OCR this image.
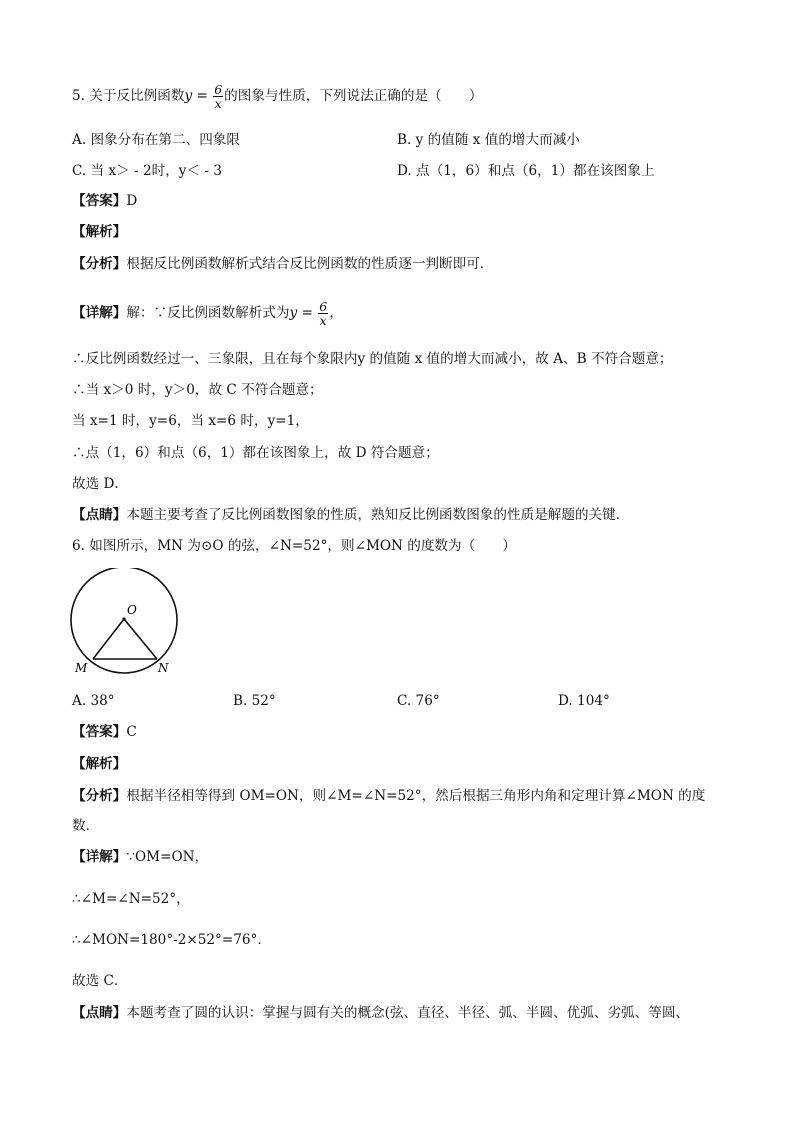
5. 关于反比例函数$y = \frac{6}{x}$ 的图象与性质，下列说法正确的是（　　）
A. 图象分布在第二、四象限	B. y 的值随 x 值的增大而减小
C. 当 x＞ - 2时，y＜ - 3	D. 点（1，6）和点（6，1）都在该图象上
【答案】D
【解析】
【分析】根据反比例函数解析式结合反比例函数的性质逐一判断即可．
【详解】解：∵反比例函数解析式为$y = \frac{6}{x}$ ，
∴反比例函数经过一、三象限，且在每个象限内y 的值随 x 值的增大而减小，故 A、B 不符合题意；
∴当 x＞0 时，y＞0，故 C 不符合题意；
当 x=1 时，y=6，当 x=6 时，y=1，
∴点（1，6）和点（6，1）都在该图象上，故 D 符合题意；
故选 D．
【点睛】本题主要考查了反比例函数图象的性质，熟知反比例函数图象的性质是解题的关键．
6. 如图所示，MN 为⊙O 的弦，∠N=52°，则∠MON 的度数为（　　）
O
M	N
A. 38°	B. 52°	C. 76°	D. 104°
【答案】C
【解析】
【分析】根据半径相等得到 OM=ON，则∠M=∠N=52°，然后根据三角形内角和定理计算∠MON 的度
数．
【详解】∵OM=ON，
∴∠M=∠N=52°，
∴∠MON=180°-2×52°=76°．
故选 C．
【点睛】本题考查了圆的认识：掌握与圆有关的概念(弦、直径、半径、弧、半圆、优弧、劣弧、等圆、
